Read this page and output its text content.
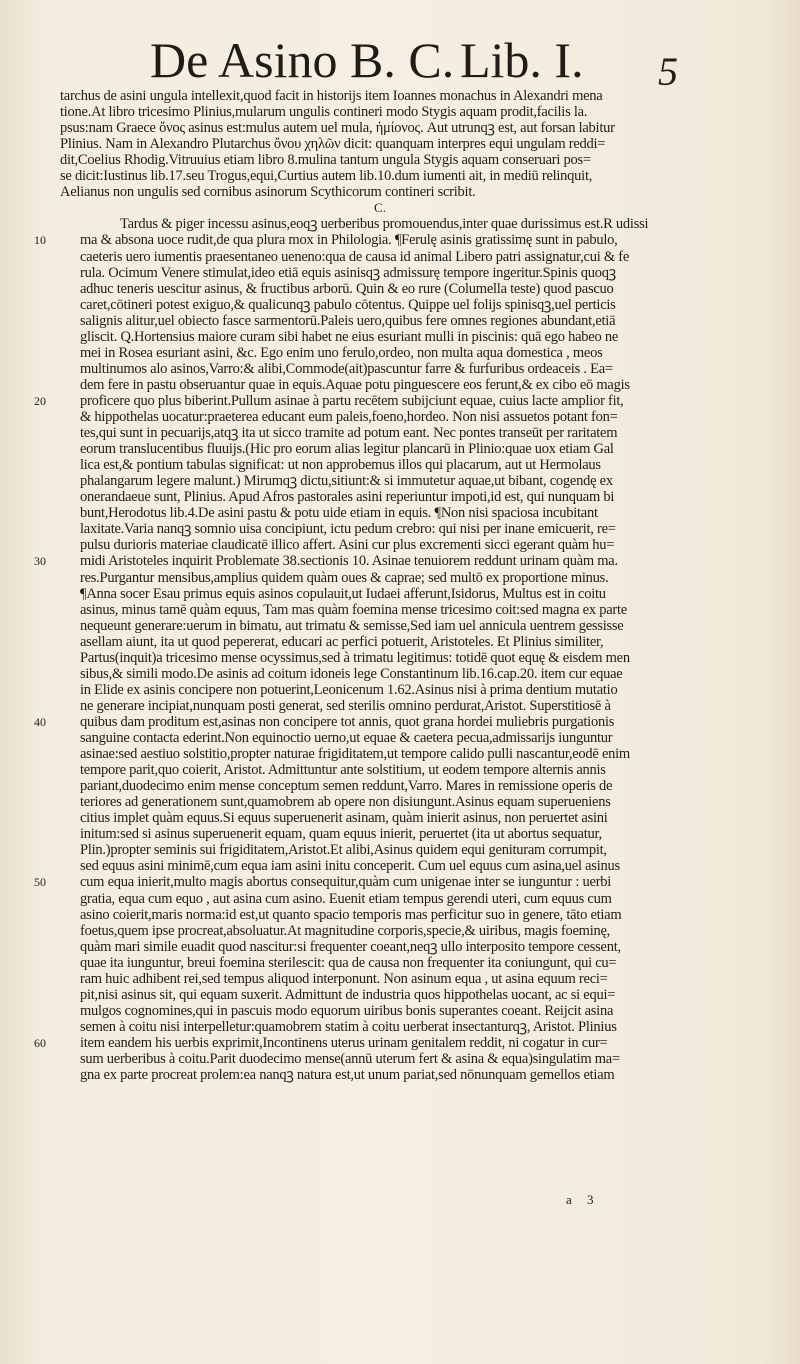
De Asino B. C. Lib. I. 5
tarchus de asini ungula intellexit,quod facit in historijs item Ioannes monachus in Alexandri mena
tione.At libro tricesimo Plinius,mularum ungulis contineri modo Stygis aquam prodit,facilis la.
psus:nam Graece ὄνος asinus est:mulus autem uel mula, ἡμίονος. Aut utrunqꝫ est, aut forsan labitur
Plinius. Nam in Alexandro Plutarchus ὄνου χηλῶν dicit: quanquam interpres equi ungulam reddi=
dit,Coelius Rhodig.Vitruuius etiam libro 8.mulina tantum ungula Stygis aquam conseruari pos=
se dicit:Iustinus lib.17.seu Trogus,equi,Curtius autem lib.10.dum iumenti ait, in mediū relinquit,
Aelianus non ungulis sed cornibus asinorum Scythicorum contineri scribit.
C.
Tardus & piger incessu asinus,eoqꝫ uerberibus promouendus,inter quae durissimus est.R udissi
ma & absona uoce rudit,de qua plura mox in Philologia. ¶Ferulę asinis gratissimę sunt in pabulo,
caeteris uero iumentis praesentaneo ueneno:qua de causa id animal Libero patri assignatur,cui & fe
rula. Ocimum Venere stimulat,ideo etiā equis asinisqꝫ admissurę tempore ingeritur.Spinis quoqꝫ
adhuc teneris uescitur asinus, & fructibus arborū. Quin & eo rure (Columella teste) quod pascuo
caret,cōtineri potest exiguo,& qualicunqꝫ pabulo cōtentus. Quippe uel folijs spinisqꝫ,uel perticis
salignis alitur,uel obiecto fasce sarmentorū.Paleis uero,quibus fere omnes regiones abundant,etiā
gliscit. Q.Hortensius maiore curam sibi habet ne eius esuriant mulli in piscinis: quā ego habeo ne
mei in Rosea esuriant asini, &c. Ego enim uno ferulo,ordeo, non multa aqua domestica , meos
multinumos alo asinos,Varro:& alibi,Commode(ait)pascuntur farre & furfuribus ordeaceis . Ea=
dem fere in pastu obseruantur quae in equis.Aquae potu pinguescere eos ferunt,& ex cibo eō magis
proficere quo plus biberint.Pullum asinae à partu recētem subijciunt equae, cuius lacte amplior fit,
& hippothelas uocatur:praeterea educant eum paleis,foeno,hordeo. Non nisi assuetos potant fon=
tes,qui sunt in pecuarijs,atqꝫ ita ut sicco tramite ad potum eant. Nec pontes transeūt per raritatem
eorum translucentibus fluuijs.(Hic pro eorum alias legitur plancarū in Plinio:quae uox etiam Gal
lica est,& pontium tabulas significat: ut non approbemus illos qui placarum, aut ut Hermolaus
phalangarum legere malunt.) Mirumqꝫ dictu,sitiunt:& si immutetur aquae,ut bibant, cogendę ex
onerandaeue sunt, Plinius. Apud Afros pastorales asini reperiuntur impoti,id est, qui nunquam bi
bunt,Herodotus lib.4.De asini pastu & potu uide etiam in equis. ¶Non nisi spaciosa incubitant
laxitate.Varia nanqꝫ somnio uisa concipiunt, ictu pedum crebro: qui nisi per inane emicuerit, re=
pulsu durioris materiae claudicatē illico affert. Asini cur plus excrementi sicci egerant quàm hu=
midi Aristoteles inquirit Problemate 38.sectionis 10. Asinae tenuiorem reddunt urinam quàm ma.
res.Purgantur mensibus,amplius quidem quàm oues & caprae; sed multō ex proportione minus.
¶Anna socer Esau primus equis asinos copulauit,ut Iudaei afferunt,Isidorus, Multus est in coitu
asinus, minus tamē quàm equus, Tam mas quàm foemina mense tricesimo coit:sed magna ex parte
nequeunt generare:uerum in bimatu, aut trimatu & semisse,Sed iam uel annicula uentrem gessisse
asellam aiunt, ita ut quod pepererat, educari ac perfici potuerit, Aristoteles. Et Plinius similiter,
Partus(inquit)a tricesimo mense ocyssimus,sed à trimatu legitimus: totidē quot equę & eisdem men
sibus,& simili modo.De asinis ad coitum idoneis lege Constantinum lib.16.cap.20. item cur equae
in Elide ex asinis concipere non potuerint,Leonicenum 1.62.Asinus nisi à prima dentium mutatio
ne generare incipiat,nunquam posti generat, sed sterilis omnino perdurat,Aristot. Superstitiosē à
quibus dam proditum est,asinas non concipere tot annis, quot grana hordei muliebris purgationis
sanguine contacta ederint.Non equinoctio uerno,ut equae & caetera pecua,admissarijs iunguntur
asinae:sed aestiuo solstitio,propter naturae frigiditatem,ut tempore calido pulli nascantur,eodē enim
tempore parit,quo coierit, Aristot. Admittuntur ante solstitium, ut eodem tempore alternis annis
pariant,duodecimo enim mense conceptum semen reddunt,Varro. Mares in remissione operis de
teriores ad generationem sunt,quamobrem ab opere non disiungunt.Asinus equam superueniens
citius implet quàm equus.Si equus superuenerit asinam, quàm inierit asinus, non peruertet asini
initum:sed si asinus superuenerit equam, quam equus inierit, peruertet (ita ut abortus sequatur,
Plin.)propter seminis sui frigiditatem,Aristot.Et alibi,Asinus quidem equi genituram corrumpit,
sed equus asini minimē,cum equa iam asini initu conceperit. Cum uel equus cum asina,uel asinus
cum equa inierit,multo magis abortus consequitur,quàm cum unigenae inter se iunguntur : uerbi
gratia, equa cum equo , aut asina cum asino. Euenit etiam tempus gerendi uteri, cum equus cum
asino coierit,maris norma:id est,ut quanto spacio temporis mas perficitur suo in genere, tāto etiam
foetus,quem ipse procreat,absoluatur.At magnitudine corporis,specie,& uiribus, magis foeminę,
quàm mari simile euadit quod nascitur:si frequenter coeant,neqꝫ ullo interposito tempore cessent,
quae ita iunguntur, breui foemina sterilescit: qua de causa non frequenter ita coniungunt, qui cu=
ram huic adhibent rei,sed tempus aliquod interponunt. Non asinum equa , ut asina equum reci=
pit,nisi asinus sit, qui equam suxerit. Admittunt de industria quos hippothelas uocant, ac si equi=
mulgos cognomines,qui in pascuis modo equorum uiribus bonis superantes coeant. Reijcit asina
semen à coitu nisi interpelletur:quamobrem statim à coitu uerberat insectanturqꝫ, Aristot. Plinius
item eandem his uerbis exprimit,Incontinens uterus urinam genitalem reddit, ni cogatur in cur=
sum uerberibus à coitu.Parit duodecimo mense(annū uterum fert & asina & equa)singulatim ma=
gna ex parte procreat prolem:ea nanqꝫ natura est,ut unum pariat,sed nōnunquam gemellos etiam
a 3
10
20
30
40
50
60
